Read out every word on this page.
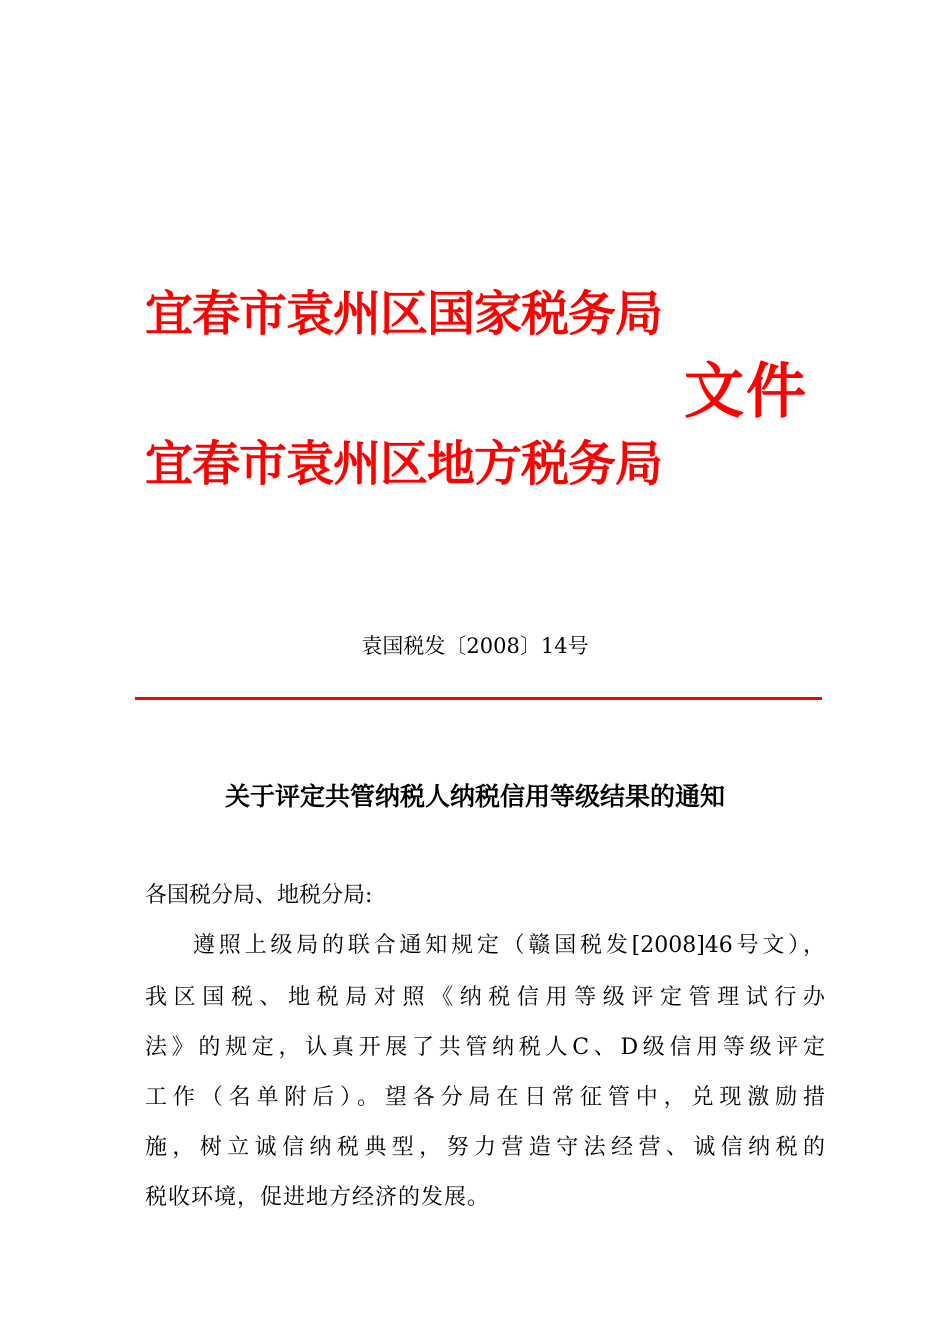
宜春市袁州区国家税务局
文件
宜春市袁州区地方税务局
袁国税发〔2008〕14号
关于评定共管纳税人纳税信用等级结果的通知
各国税分局、地税分局:
遵照上级局的联合通知规定（赣国税发[2008]46号文），
我区国税、地税局对照《纳税信用等级评定管理试行办
法》的规定，认真开展了共管纳税人C、D级信用等级评定
工作（名单附后）。望各分局在日常征管中，兑现激励措
施，树立诚信纳税典型，努力营造守法经营、诚信纳税的
税收环境，促进地方经济的发展。
